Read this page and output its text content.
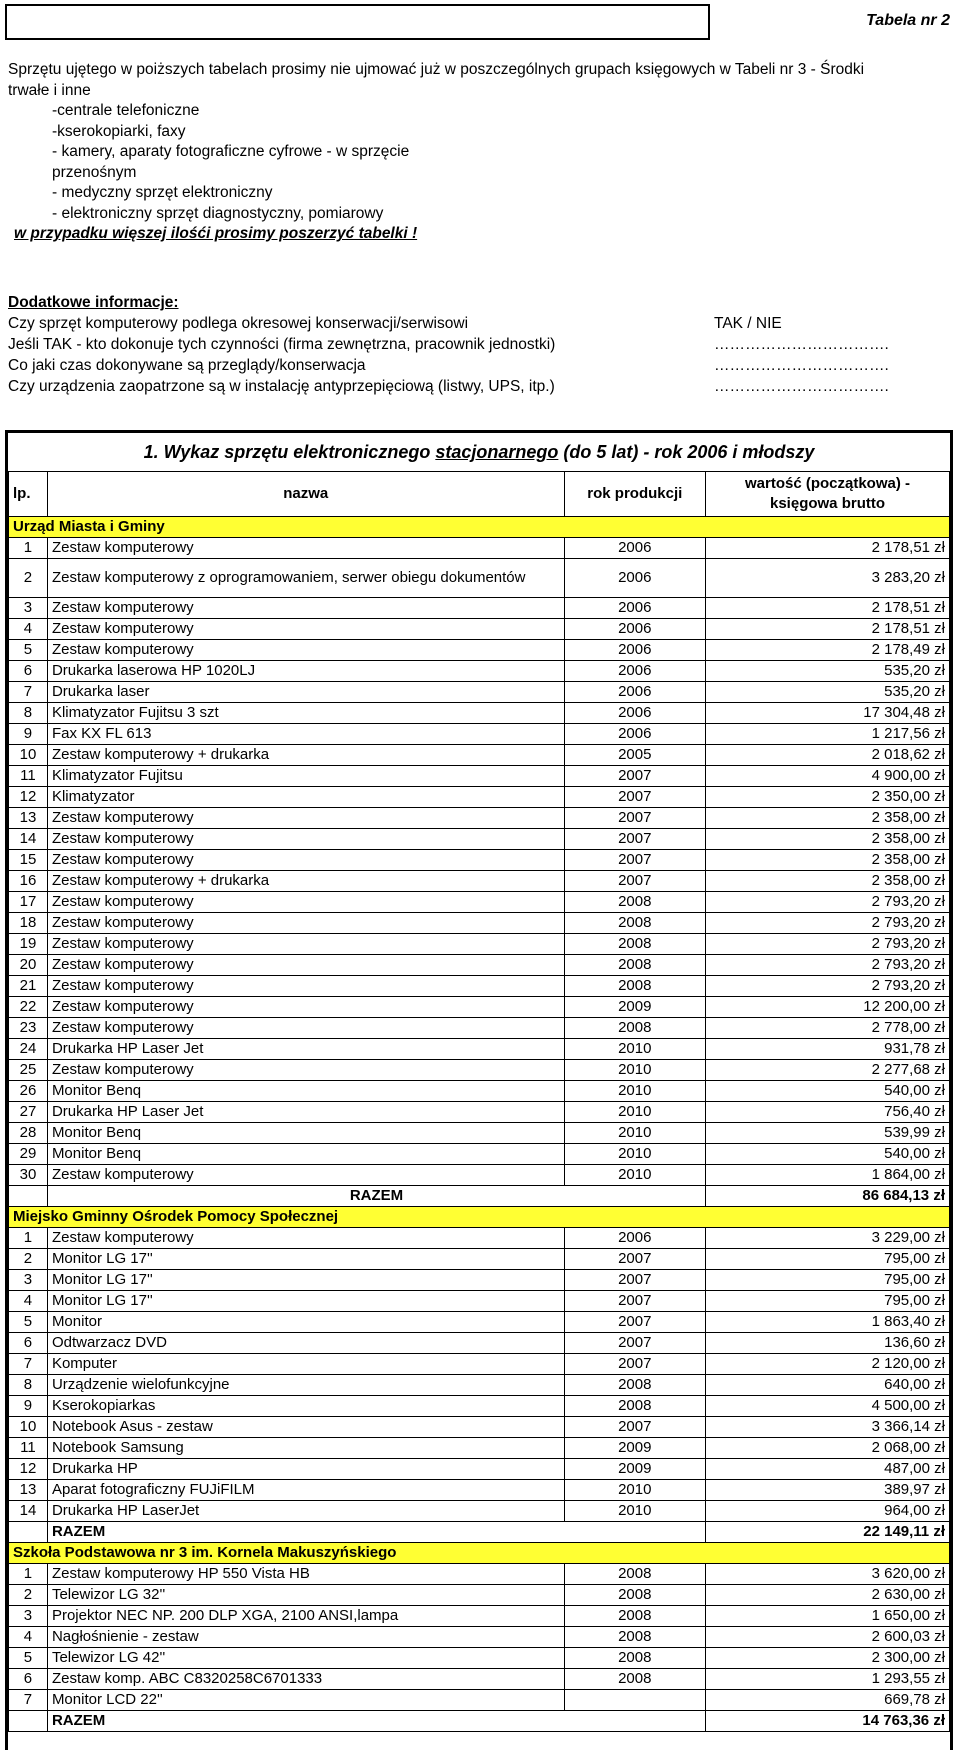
Tabela nr 2
Sprzętu ujętego w poiższych tabelach prosimy nie ujmować już w poszczególnych grupach księgowych w Tabeli nr 3 - Środki
trwałe i inne
-centrale telefoniczne
-kserokopiarki, faxy
- kamery, aparaty fotograficzne cyfrowe - w sprzęcie
przenośnym
- medyczny sprzęt elektroniczny
- elektroniczny sprzęt diagnostyczny, pomiarowy
w przypadku więszej ilośći prosimy poszerzyć tabelki !
Dodatkowe informacje:
Czy sprzęt komputerowy podlega okresowej konserwacji/serwisowi	TAK / NIE
Jeśli TAK - kto dokonuje tych czynności (firma zewnętrzna, pracownik jednostki)	…………………………….
Co jaki czas dokonywane są przeglądy/konserwacja	…………………………….
Czy urządzenia zaopatrzone są w instalację antyprzepięciową (listwy, UPS, itp.)	…………………………….
1. Wykaz sprzętu elektronicznego stacjonarnego (do 5 lat) - rok 2006 i młodszy
lp.	nazwa	rok produkcji	wartość (początkowa) - księgowa brutto
Urząd Miasta i Gminy			
1	Zestaw komputerowy	2006	2 178,51 zł
2	Zestaw komputerowy z oprogramowaniem, serwer obiegu dokumentów	2006	3 283,20 zł
3	Zestaw komputerowy	2006	2 178,51 zł
4	Zestaw komputerowy	2006	2 178,51 zł
5	Zestaw komputerowy	2006	2 178,49 zł
6	Drukarka laserowa HP 1020LJ	2006	535,20 zł
7	Drukarka laser	2006	535,20 zł
8	Klimatyzator Fujitsu 3 szt	2006	17 304,48 zł
9	Fax KX FL 613	2006	1 217,56 zł
10	Zestaw komputerowy + drukarka	2005	2 018,62 zł
11	Klimatyzator Fujitsu	2007	4 900,00 zł
12	Klimatyzator	2007	2 350,00 zł
13	Zestaw komputerowy	2007	2 358,00 zł
14	Zestaw komputerowy	2007	2 358,00 zł
15	Zestaw komputerowy	2007	2 358,00 zł
16	Zestaw komputerowy + drukarka	2007	2 358,00 zł
17	Zestaw komputerowy	2008	2 793,20 zł
18	Zestaw komputerowy	2008	2 793,20 zł
19	Zestaw komputerowy	2008	2 793,20 zł
20	Zestaw komputerowy	2008	2 793,20 zł
21	Zestaw komputerowy	2008	2 793,20 zł
22	Zestaw komputerowy	2009	12 200,00 zł
23	Zestaw komputerowy	2008	2 778,00 zł
24	Drukarka HP Laser Jet	2010	931,78 zł
25	Zestaw komputerowy	2010	2 277,68 zł
26	Monitor Benq	2010	540,00 zł
27	Drukarka HP Laser Jet	2010	756,40 zł
28	Monitor Benq	2010	539,99 zł
29	Monitor Benq	2010	540,00 zł
30	Zestaw komputerowy	2010	1 864,00 zł
	RAZEM		86 684,13 zł
Miejsko Gminny Ośrodek Pomocy Społecznej			
1	Zestaw komputerowy	2006	3 229,00 zł
2	Monitor LG 17''	2007	795,00 zł
3	Monitor LG 17''	2007	795,00 zł
4	Monitor LG 17''	2007	795,00 zł
5	Monitor	2007	1 863,40 zł
6	Odtwarzacz DVD	2007	136,60 zł
7	Komputer	2007	2 120,00 zł
8	Urządzenie wielofunkcyjne	2008	640,00 zł
9	Kserokopiarkas	2008	4 500,00 zł
10	Notebook Asus - zestaw	2007	3 366,14 zł
11	Notebook Samsung	2009	2 068,00 zł
12	Drukarka HP	2009	487,00 zł
13	Aparat fotograficzny FUJiFILM	2010	389,97 zł
14	Drukarka HP LaserJet	2010	964,00 zł
	RAZEM		22 149,11 zł
Szkoła Podstawowa nr 3 im. Kornela Makuszyńskiego			
1	Zestaw komputerowy HP 550 Vista HB	2008	3 620,00 zł
2	Telewizor LG 32''	2008	2 630,00 zł
3	Projektor NEC NP. 200 DLP XGA, 2100 ANSI,lampa	2008	1 650,00 zł
4	Nagłośnienie - zestaw	2008	2 600,03 zł
5	Telewizor LG 42''	2008	2 300,00 zł
6	Zestaw komp. ABC C8320258C6701333	2008	1 293,55 zł
7	Monitor LCD 22''		669,78 zł
	RAZEM		14 763,36 zł
